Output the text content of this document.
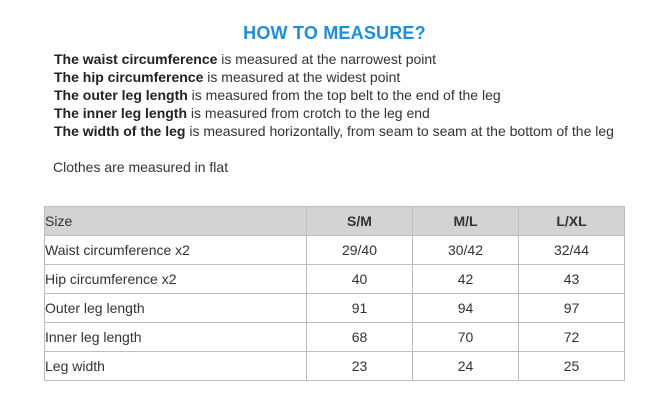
HOW TO MEASURE?
The waist circumference is measured at the narrowest point
The hip circumference is measured at the widest point
The outer leg length is measured from the top belt to the end of the leg
The inner leg length is measured from crotch to the leg end
The width of the leg is measured horizontally, from seam to seam at the bottom of the leg
Clothes are measured in flat
Size	S/M	M/L	L/XL
Waist circumference x2	29/40	30/42	32/44
Hip circumference x2	40	42	43
Outer leg length	91	94	97
Inner leg length	68	70	72
Leg width	23	24	25
